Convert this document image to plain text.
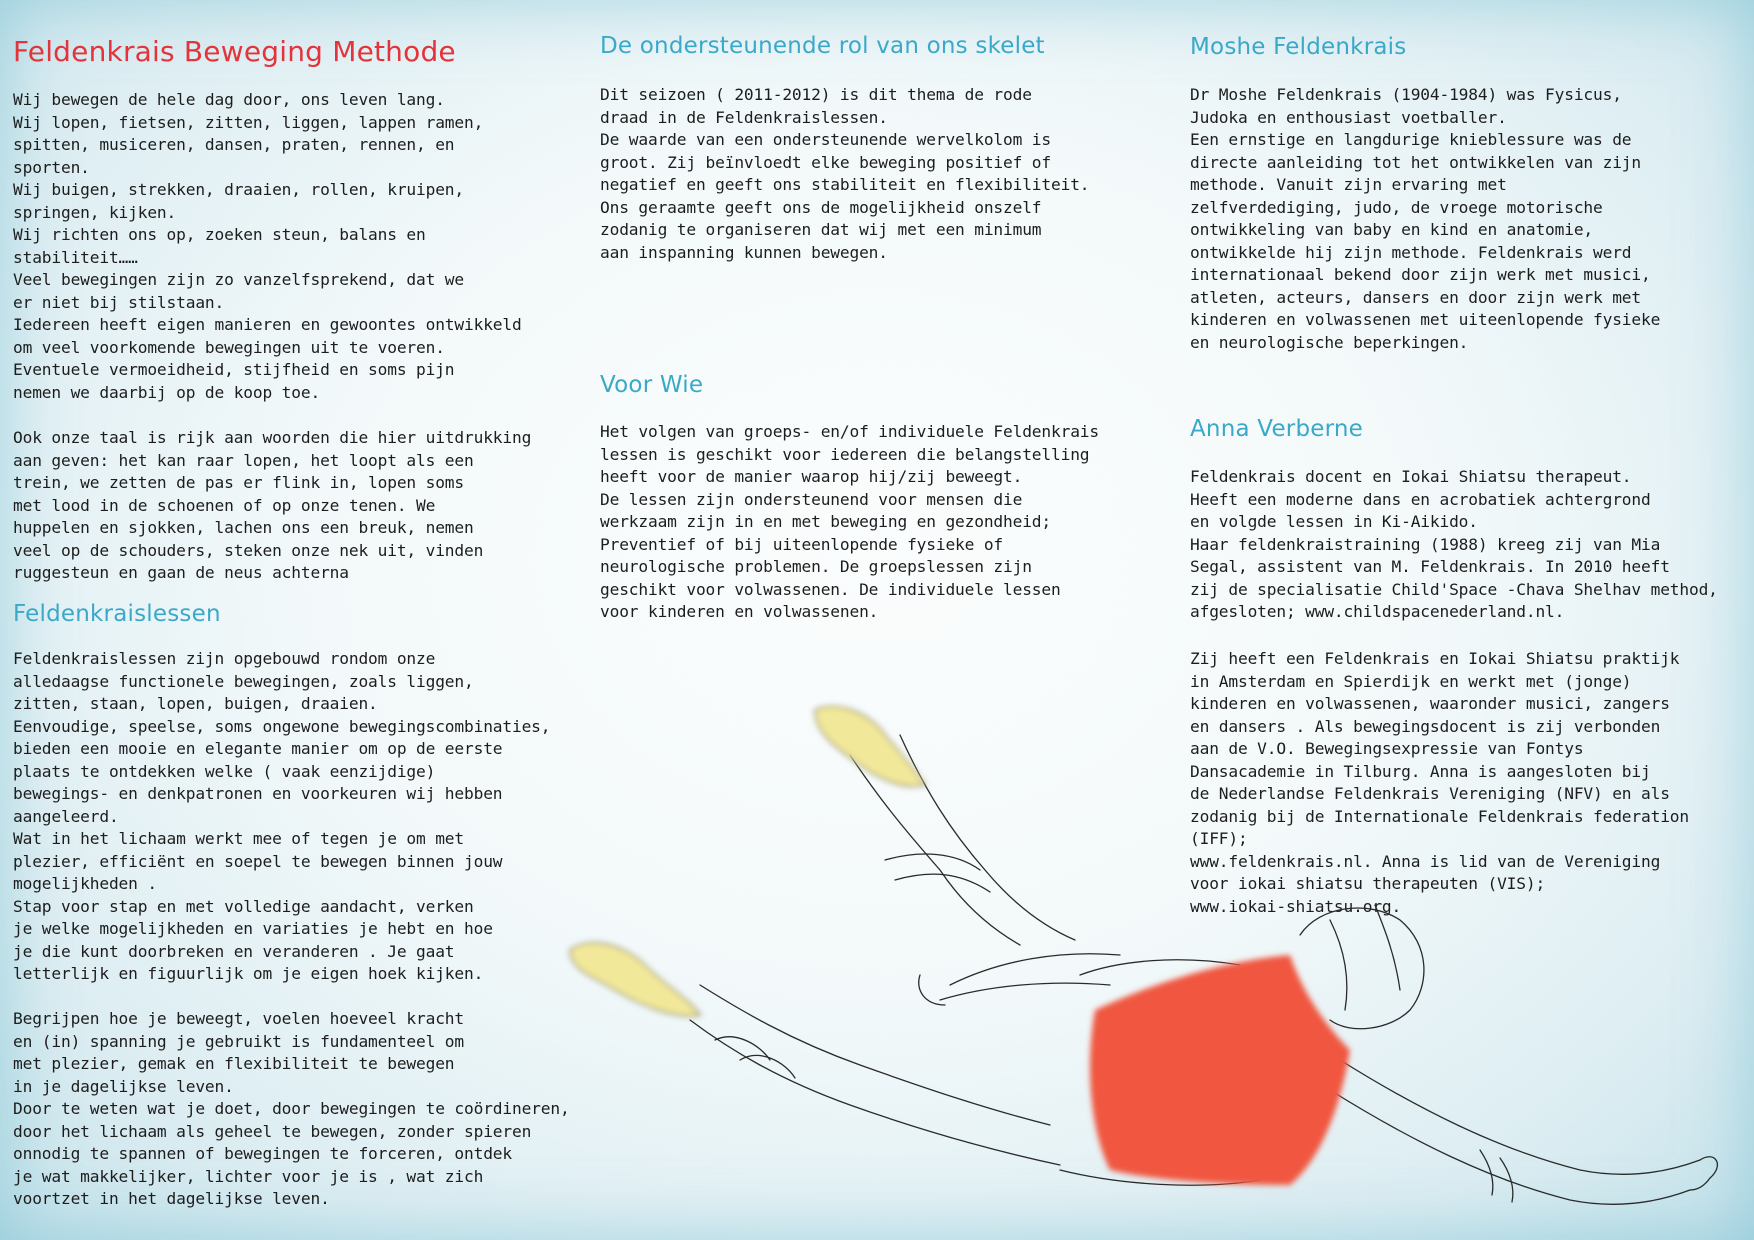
Feldenkrais Beweging Methode

Wij bewegen de hele dag door, ons leven lang.
Wij lopen, fietsen, zitten, liggen, lappen ramen,
spitten, musiceren, dansen, praten, rennen, en
sporten.
Wij buigen, strekken, draaien, rollen, kruipen,
springen, kijken.
Wij richten ons op, zoeken steun, balans en
stabiliteit……
Veel bewegingen zijn zo vanzelfsprekend, dat we
er niet bij stilstaan.
Iedereen heeft eigen manieren en gewoontes ontwikkeld
om veel voorkomende bewegingen uit te voeren.
Eventuele vermoeidheid, stijfheid en soms pijn
nemen we daarbij op de koop toe.

Ook onze taal is rijk aan woorden die hier uitdrukking
aan geven: het kan raar lopen, het loopt als een
trein, we zetten de pas er flink in, lopen soms
met lood in de schoenen of op onze tenen. We
huppelen en sjokken, lachen ons een breuk, nemen
veel op de schouders, steken onze nek uit, vinden
ruggesteun en gaan de neus achterna

Feldenkraislessen

Feldenkraislessen zijn opgebouwd rondom onze
alledaagse functionele bewegingen, zoals liggen,
zitten, staan, lopen, buigen, draaien.
Eenvoudige, speelse, soms ongewone bewegingscombinaties,
bieden een mooie en elegante manier om op de eerste
plaats te ontdekken welke ( vaak eenzijdige)
bewegings- en denkpatronen en voorkeuren wij hebben
aangeleerd.
Wat in het lichaam werkt mee of tegen je om met
plezier, efficiënt en soepel te bewegen binnen jouw
mogelijkheden .
Stap voor stap en met volledige aandacht, verken
je welke mogelijkheden en variaties je hebt en hoe
je die kunt doorbreken en veranderen . Je gaat
letterlijk en figuurlijk om je eigen hoek kijken.

Begrijpen hoe je beweegt, voelen hoeveel kracht
en (in) spanning je gebruikt is fundamenteel om
met plezier, gemak en flexibiliteit te bewegen
in je dagelijkse leven.
Door te weten wat je doet, door bewegingen te coördineren,
door het lichaam als geheel te bewegen, zonder spieren
onnodig te spannen of bewegingen te forceren, ontdek
je wat makkelijker, lichter voor je is , wat zich
voortzet in het dagelijkse leven.

De ondersteunende rol van ons skelet

Dit seizoen ( 2011-2012) is dit thema de rode
draad in de Feldenkraislessen.
De waarde van een ondersteunende wervelkolom is
groot. Zij beïnvloedt elke beweging positief of
negatief en geeft ons stabiliteit en flexibiliteit.
Ons geraamte geeft ons de mogelijkheid onszelf
zodanig te organiseren dat wij met een minimum
aan inspanning kunnen bewegen.

Voor Wie

Het volgen van groeps- en/of individuele Feldenkrais
lessen is geschikt voor iedereen die belangstelling
heeft voor de manier waarop hij/zij beweegt.
De lessen zijn ondersteunend voor mensen die
werkzaam zijn in en met beweging en gezondheid;
Preventief of bij uiteenlopende fysieke of
neurologische problemen. De groepslessen zijn
geschikt voor volwassenen. De individuele lessen
voor kinderen en volwassenen.

Moshe Feldenkrais

Dr Moshe Feldenkrais (1904-1984) was Fysicus,
Judoka en enthousiast voetballer.
Een ernstige en langdurige knieblessure was de
directe aanleiding tot het ontwikkelen van zijn
methode. Vanuit zijn ervaring met
zelfverdediging, judo, de vroege motorische
ontwikkeling van baby en kind en anatomie,
ontwikkelde hij zijn methode. Feldenkrais werd
internationaal bekend door zijn werk met musici,
atleten, acteurs, dansers en door zijn werk met
kinderen en volwassenen met uiteenlopende fysieke
en neurologische beperkingen.

Anna Verberne

Feldenkrais docent en Iokai Shiatsu therapeut.
Heeft een moderne dans en acrobatiek achtergrond
en volgde lessen in Ki-Aikido.
Haar feldenkraistraining (1988) kreeg zij van Mia
Segal, assistent van M. Feldenkrais. In 2010 heeft
zij de specialisatie Child'Space -Chava Shelhav method,
afgesloten; www.childspacenederland.nl.

Zij heeft een Feldenkrais en Iokai Shiatsu praktijk
in Amsterdam en Spierdijk en werkt met (jonge)
kinderen en volwassenen, waaronder musici, zangers
en dansers . Als bewegingsdocent is zij verbonden
aan de V.O. Bewegingsexpressie van Fontys
Dansacademie in Tilburg. Anna is aangesloten bij
de Nederlandse Feldenkrais Vereniging (NFV) en als
zodanig bij de Internationale Feldenkrais federation (IFF);
www.feldenkrais.nl. Anna is lid van de Vereniging
voor iokai shiatsu therapeuten (VIS);
www.iokai-shiatsu.org.
